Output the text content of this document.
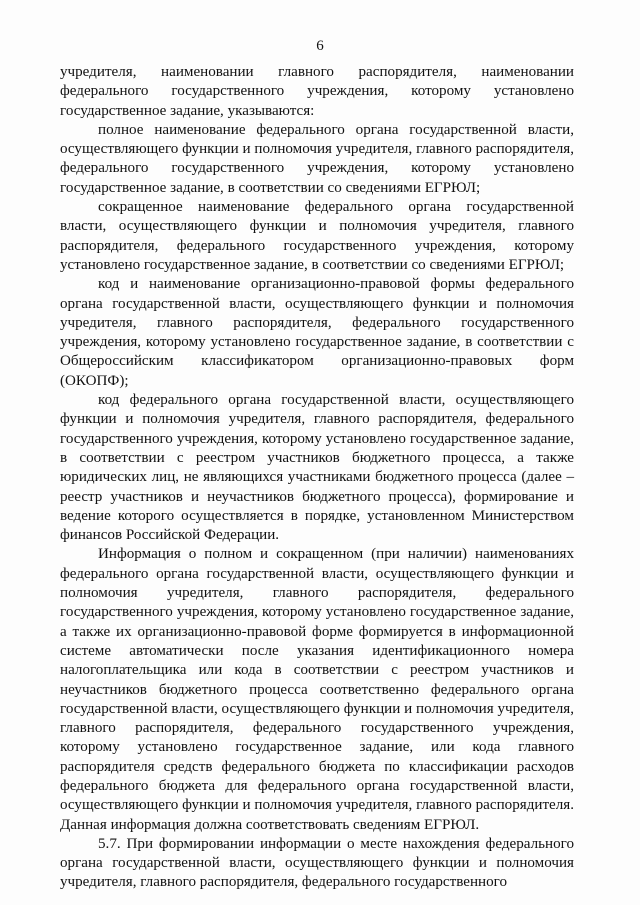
6

учредителя, наименовании главного распорядителя, наименовании федерального государственного учреждения, которому установлено государственное задание, указываются:

полное наименование федерального органа государственной власти, осуществляющего функции и полномочия учредителя, главного распорядителя, федерального государственного учреждения, которому установлено государственное задание, в соответствии со сведениями ЕГРЮЛ;

сокращенное наименование федерального органа государственной власти, осуществляющего функции и полномочия учредителя, главного распорядителя, федерального государственного учреждения, которому установлено государственное задание, в соответствии со сведениями ЕГРЮЛ;

код и наименование организационно-правовой формы федерального органа государственной власти, осуществляющего функции и полномочия учредителя, главного распорядителя, федерального государственного учреждения, которому установлено государственное задание, в соответствии с Общероссийским классификатором организационно-правовых форм (ОКОПФ);

код федерального органа государственной власти, осуществляющего функции и полномочия учредителя, главного распорядителя, федерального государственного учреждения, которому установлено государственное задание, в соответствии с реестром участников бюджетного процесса, а также юридических лиц, не являющихся участниками бюджетного процесса (далее – реестр участников и неучастников бюджетного процесса), формирование и ведение которого осуществляется в порядке, установленном Министерством финансов Российской Федерации.

Информация о полном и сокращенном (при наличии) наименованиях федерального органа государственной власти, осуществляющего функции и полномочия учредителя, главного распорядителя, федерального государственного учреждения, которому установлено государственное задание, а также их организационно-правовой форме формируется в информационной системе автоматически после указания идентификационного номера налогоплательщика или кода в соответствии с реестром участников и неучастников бюджетного процесса соответственно федерального органа государственной власти, осуществляющего функции и полномочия учредителя, главного распорядителя, федерального государственного учреждения, которому установлено государственное задание, или кода главного распорядителя средств федерального бюджета по классификации расходов федерального бюджета для федерального органа государственной власти, осуществляющего функции и полномочия учредителя, главного распорядителя. Данная информация должна соответствовать сведениям ЕГРЮЛ.

5.7. При формировании информации о месте нахождения федерального органа государственной власти, осуществляющего функции и полномочия учредителя, главного распорядителя, федерального государственного
